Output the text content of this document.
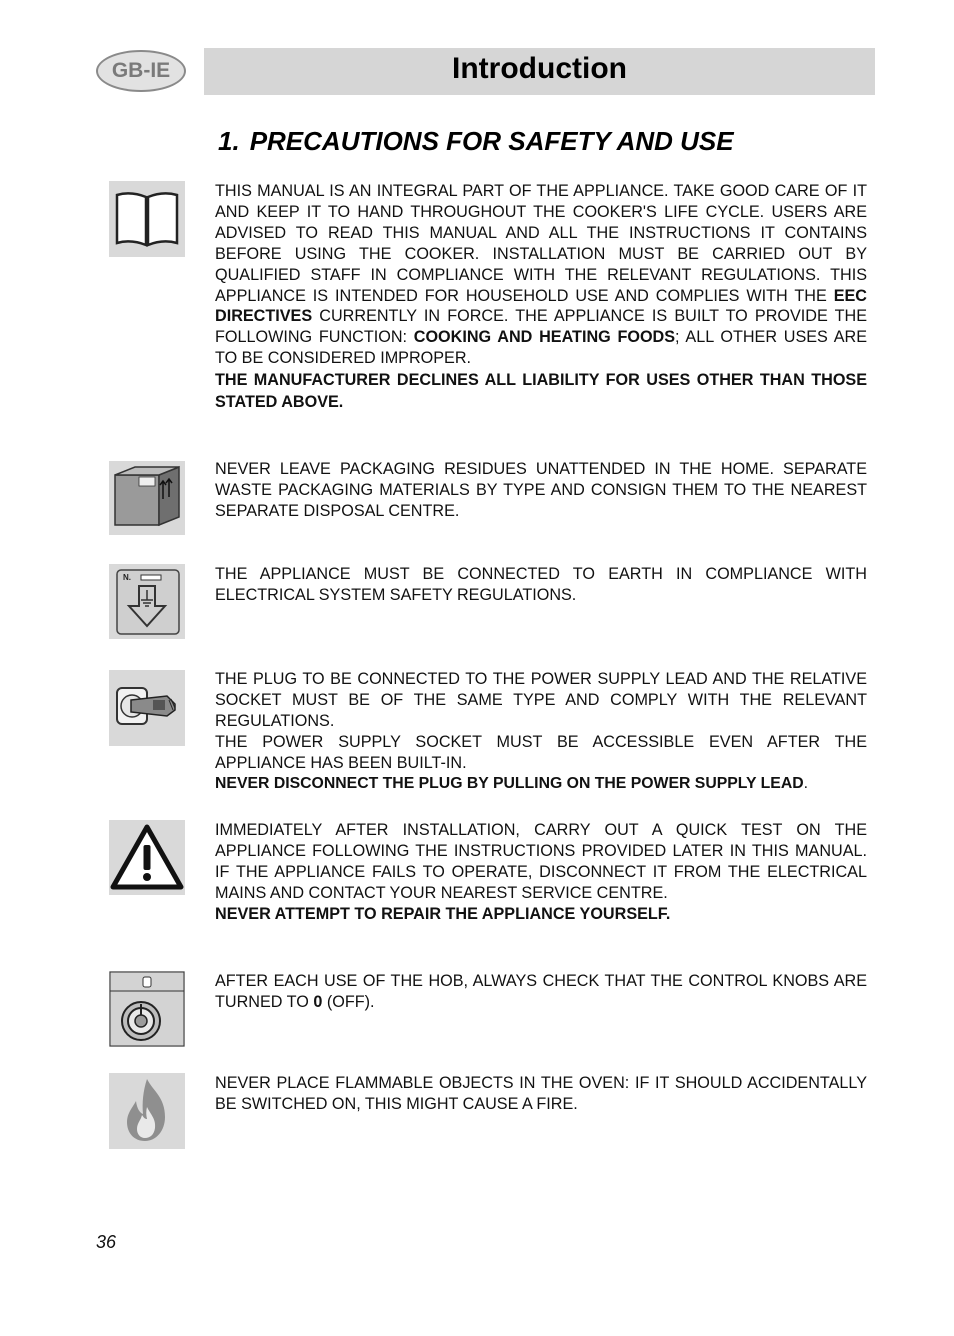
GB-IE	Introduction
1. PRECAUTIONS FOR SAFETY AND USE

THIS MANUAL IS AN INTEGRAL PART OF THE APPLIANCE. TAKE GOOD CARE OF IT AND KEEP IT TO HAND THROUGHOUT THE COOKER'S LIFE CYCLE. USERS ARE ADVISED TO READ THIS MANUAL AND ALL THE INSTRUCTIONS IT CONTAINS BEFORE USING THE COOKER. INSTALLATION MUST BE CARRIED OUT BY QUALIFIED STAFF IN COMPLIANCE WITH THE RELEVANT REGULATIONS. THIS APPLIANCE IS INTENDED FOR HOUSEHOLD USE AND COMPLIES WITH THE EEC DIRECTIVES CURRENTLY IN FORCE. THE APPLIANCE IS BUILT TO PROVIDE THE FOLLOWING FUNCTION: COOKING AND HEATING FOODS; ALL OTHER USES ARE TO BE CONSIDERED IMPROPER.

THE MANUFACTURER DECLINES ALL LIABILITY FOR USES OTHER THAN THOSE STATED ABOVE.

NEVER LEAVE PACKAGING RESIDUES UNATTENDED IN THE HOME. SEPARATE WASTE PACKAGING MATERIALS BY TYPE AND CONSIGN THEM TO THE NEAREST SEPARATE DISPOSAL CENTRE.

N.	THE APPLIANCE MUST BE CONNECTED TO EARTH IN COMPLIANCE WITH ELECTRICAL SYSTEM SAFETY REGULATIONS.

THE PLUG TO BE CONNECTED TO THE POWER SUPPLY LEAD AND THE RELATIVE SOCKET MUST BE OF THE SAME TYPE AND COMPLY WITH THE RELEVANT REGULATIONS.

THE POWER SUPPLY SOCKET MUST BE ACCESSIBLE EVEN AFTER THE APPLIANCE HAS BEEN BUILT-IN.

NEVER DISCONNECT THE PLUG BY PULLING ON THE POWER SUPPLY LEAD.

IMMEDIATELY AFTER INSTALLATION, CARRY OUT A QUICK TEST ON THE APPLIANCE FOLLOWING THE INSTRUCTIONS PROVIDED LATER IN THIS MANUAL. IF THE APPLIANCE FAILS TO OPERATE, DISCONNECT IT FROM THE ELECTRICAL MAINS AND CONTACT YOUR NEAREST SERVICE CENTRE.

NEVER ATTEMPT TO REPAIR THE APPLIANCE YOURSELF.

AFTER EACH USE OF THE HOB, ALWAYS CHECK THAT THE CONTROL KNOBS ARE TURNED TO 0 (OFF).

NEVER PLACE FLAMMABLE OBJECTS IN THE OVEN: IF IT SHOULD ACCIDENTALLY BE SWITCHED ON, THIS MIGHT CAUSE A FIRE.

36
